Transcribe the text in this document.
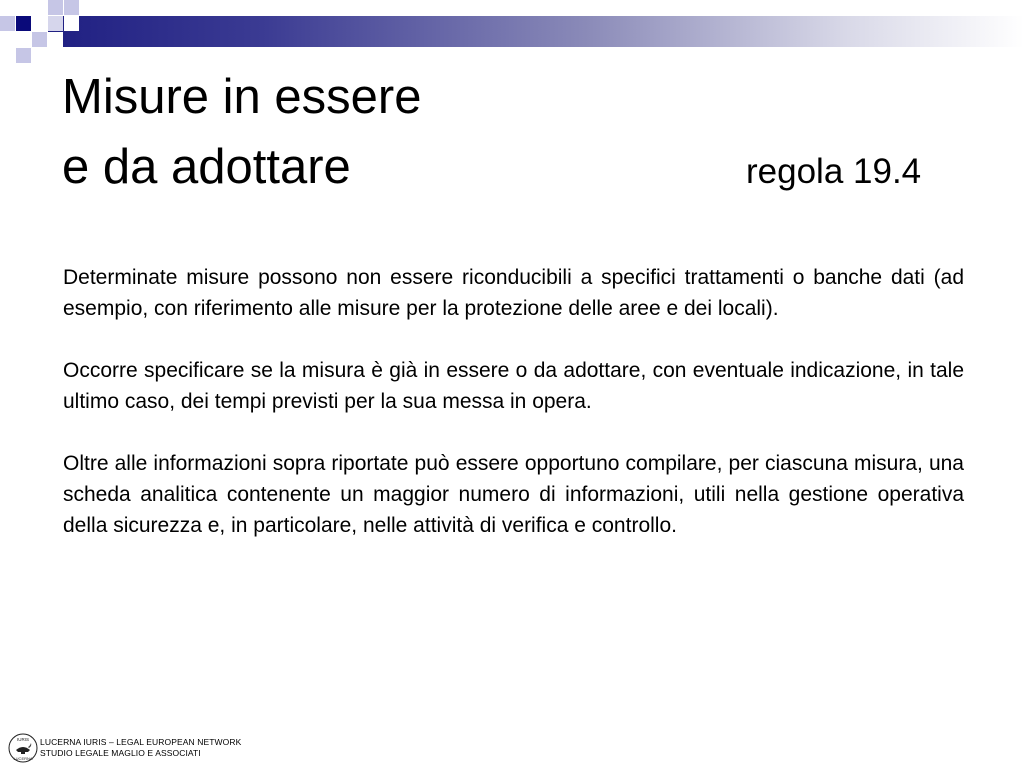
Misure in essere
e da adottare	regola 19.4

Determinate misure possono non essere riconducibili a specifici trattamenti o banche dati (ad esempio, con riferimento alle misure per la protezione delle aree e dei locali).

Occorre specificare se la misura è già in essere o da adottare, con eventuale indicazione, in tale ultimo caso, dei tempi previsti per la sua messa in opera.

Oltre alle informazioni sopra riportate può essere opportuno compilare, per ciascuna misura, una scheda analitica contenente un maggior numero di informazioni, utili nella gestione operativa della sicurezza e, in particolare, nelle attività di verifica e controllo.

IURIS
LUCERNA
LUCERNA IURIS – LEGAL EUROPEAN NETWORK
STUDIO LEGALE MAGLIO E ASSOCIATI
